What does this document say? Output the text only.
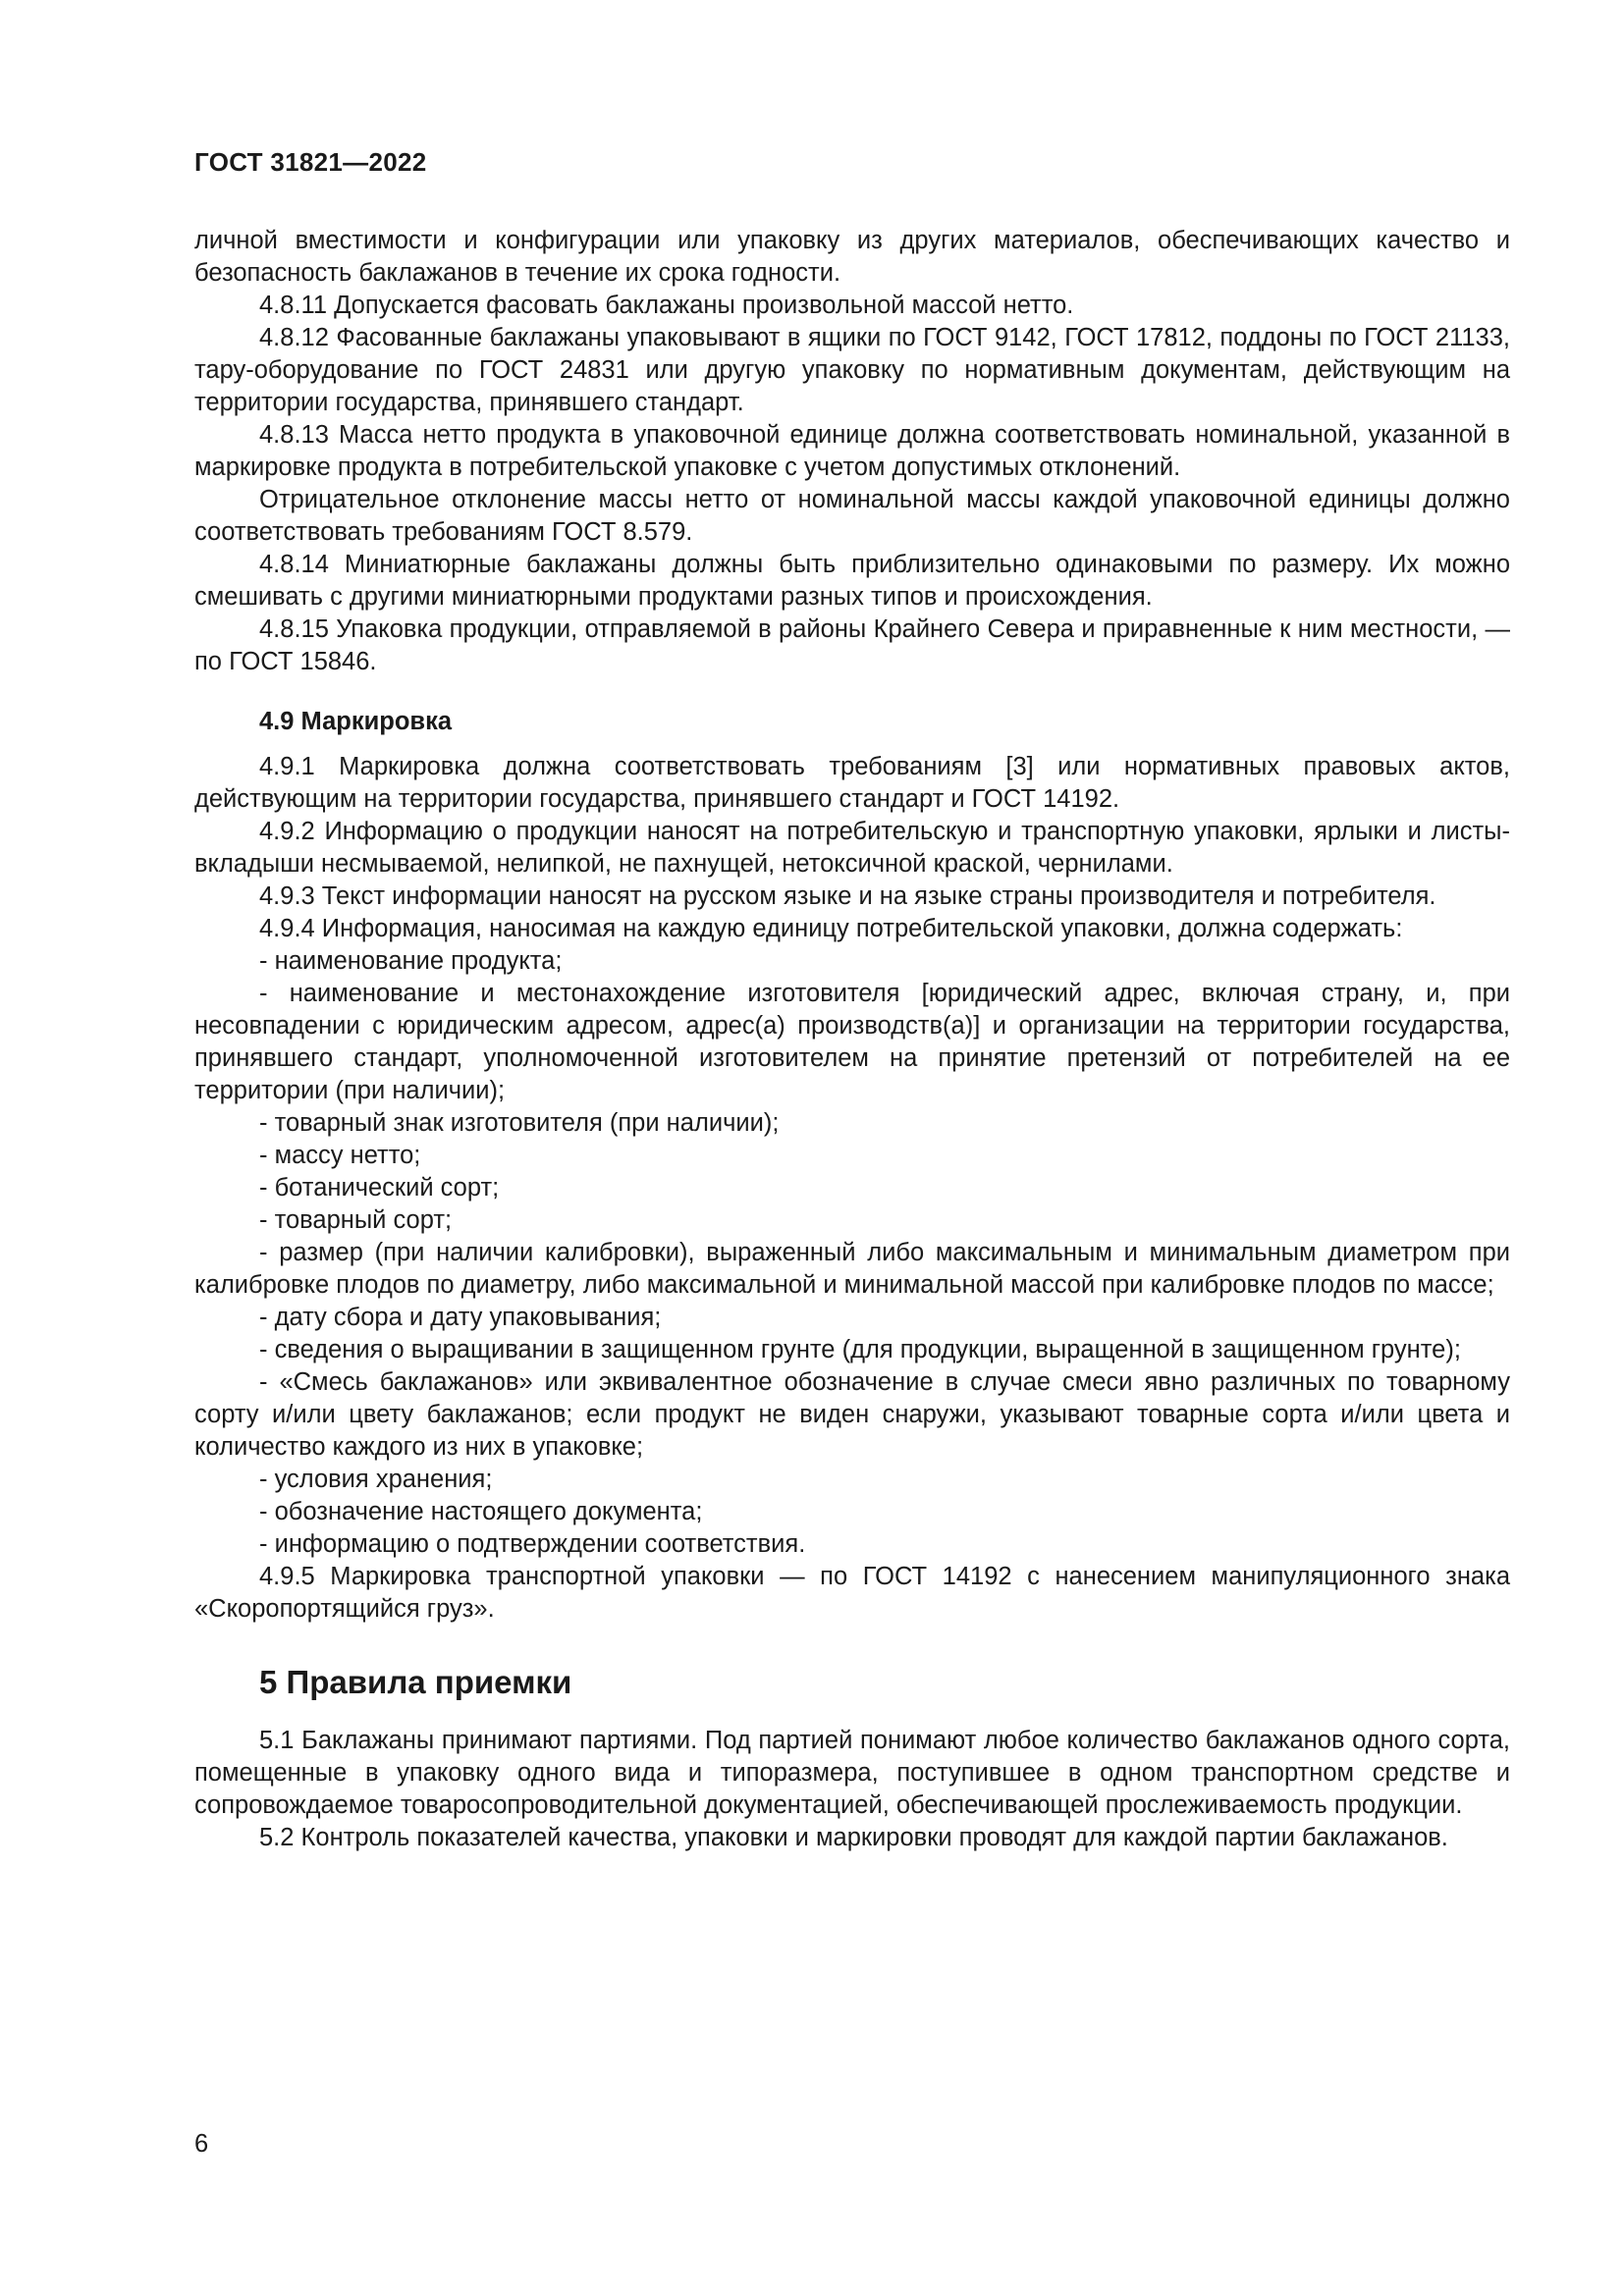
ГОСТ 31821—2022

личной вместимости и конфигурации или упаковку из других материалов, обеспечивающих качество и безопасность баклажанов в течение их срока годности.

4.8.11 Допускается фасовать баклажаны произвольной массой нетто.

4.8.12 Фасованные баклажаны упаковывают в ящики по ГОСТ 9142, ГОСТ 17812, поддоны по ГОСТ 21133, тару-оборудование по ГОСТ 24831 или другую упаковку по нормативным документам, действующим на территории государства, принявшего стандарт.

4.8.13 Масса нетто продукта в упаковочной единице должна соответствовать номинальной, указанной в маркировке продукта в потребительской упаковке с учетом допустимых отклонений.

Отрицательное отклонение массы нетто от номинальной массы каждой упаковочной единицы должно соответствовать требованиям ГОСТ 8.579.

4.8.14 Миниатюрные баклажаны должны быть приблизительно одинаковыми по размеру. Их можно смешивать с другими миниатюрными продуктами разных типов и происхождения.

4.8.15 Упаковка продукции, отправляемой в районы Крайнего Севера и приравненные к ним местности, — по ГОСТ 15846.

4.9 Маркировка

4.9.1 Маркировка должна соответствовать требованиям [3] или нормативных правовых актов, действующим на территории государства, принявшего стандарт и ГОСТ 14192.

4.9.2 Информацию о продукции наносят на потребительскую и транспортную упаковки, ярлыки и листы-вкладыши несмываемой, нелипкой, не пахнущей, нетоксичной краской, чернилами.

4.9.3 Текст информации наносят на русском языке и на языке страны производителя и потребителя.

4.9.4 Информация, наносимая на каждую единицу потребительской упаковки, должна содержать:

- наименование продукта;

- наименование и местонахождение изготовителя [юридический адрес, включая страну, и, при несовпадении с юридическим адресом, адрес(а) производств(а)] и организации на территории государства, принявшего стандарт, уполномоченной изготовителем на принятие претензий от потребителей на ее территории (при наличии);

- товарный знак изготовителя (при наличии);

- массу нетто;

- ботанический сорт;

- товарный сорт;

- размер (при наличии калибровки), выраженный либо максимальным и минимальным диаметром при калибровке плодов по диаметру, либо максимальной и минимальной массой при калибровке плодов по массе;

- дату сбора и дату упаковывания;

- сведения о выращивании в защищенном грунте (для продукции, выращенной в защищенном грунте);

- «Смесь баклажанов» или эквивалентное обозначение в случае смеси явно различных по товарному сорту и/или цвету баклажанов; если продукт не виден снаружи, указывают товарные сорта и/или цвета и количество каждого из них в упаковке;

- условия хранения;

- обозначение настоящего документа;

- информацию о подтверждении соответствия.

4.9.5 Маркировка транспортной упаковки — по ГОСТ 14192 с нанесением манипуляционного знака «Скоропортящийся груз».

5 Правила приемки

5.1 Баклажаны принимают партиями. Под партией понимают любое количество баклажанов одного сорта, помещенные в упаковку одного вида и типоразмера, поступившее в одном транспортном средстве и сопровождаемое товаросопроводительной документацией, обеспечивающей прослеживаемость продукции.

5.2 Контроль показателей качества, упаковки и маркировки проводят для каждой партии баклажанов.

6
